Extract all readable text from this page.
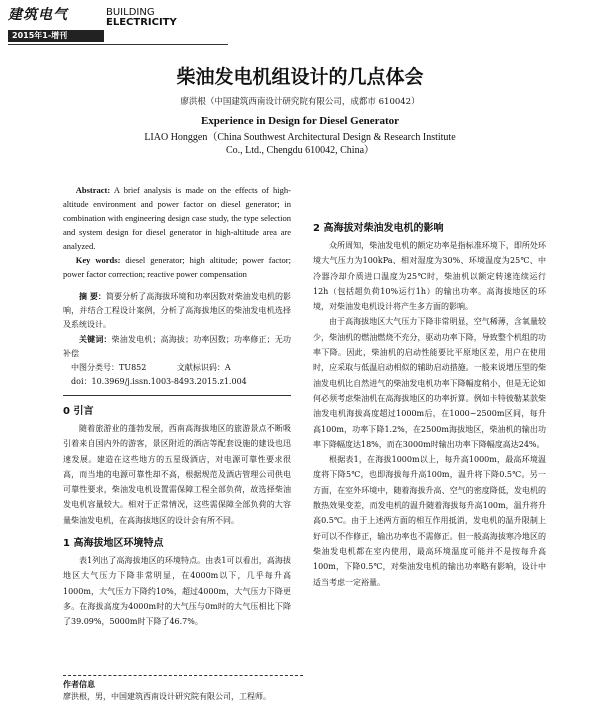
建筑电气	BUILDING
ELECTRICITY
2015年1-增刊
柴油发电机组设计的几点体会
廖洪根（中国建筑西南设计研究院有限公司，成都市 610042）
Experience in Design for Diesel Generator
LIAO Honggen（China Southwest Architectural Design & Research Institute
Co., Ltd., Chengdu 610042, China）

Abstract: A brief analysis is made on the effects of high-altitude environment and power factor on diesel generator; in combination with engineering design case study, the type selection and system design for diesel generator in high-altitude area are analyzed.

Key words: diesel generator; high altitude; power factor; power factor correction; reactive power compensation

摘 要：简要分析了高海拔环境和功率因数对柴油发电机的影响，并结合工程设计案例，分析了高海拔地区的柴油发电机选择及系统设计。

关键词：柴油发电机；高海拔；功率因数；功率修正；无功补偿

中图分类号：TU852	文献标识码：A

doi：10.3969/j.issn.1003-8493.2015.z1.004

0 引言

随着旅游业的蓬勃发展，西南高海拔地区的旅游景点不断吸引着来自国内外的游客，景区附近的酒店等配套设施的建设也迅速发展。建造在这些地方的五星级酒店，对电源可靠性要求很高，而当地的电源可靠性却不高，根据规范及酒店管理公司供电可靠性要求，柴油发电机设置需保障工程全部负荷，故选择柴油发电机容量较大。相对于正常情况，这些需保障全部负荷的大容量柴油发电机，在高海拔地区的设计会有所不同。

1 高海拔地区环境特点

表1列出了高海拔地区的环境特点。由表1可以看出，高海拔地区大气压力下降非常明显，在4000m以下，几乎每升高1000m，大气压力下降约10%，超过4000m，大气压力下降更多。在海拔高度为4000m时的大气压与0m时的大气压相比下降了39.09%，5000m时下降了46.7%。

2 高海拔对柴油发电机的影响

众所周知，柴油发电机的额定功率是指标准环境下，即所处环境大气压力为100kPa、相对湿度为30%、环境温度为25℃、中冷器冷却介质进口温度为25℃时，柴油机以额定转速连续运行12h（包括超负荷10%运行1h）的输出功率。高海拔地区的环境，对柴油发电机设计将产生多方面的影响。

由于高海拔地区大气压力下降非常明显，空气稀薄，含氧量较少，柴油机的燃油燃烧不充分，驱动功率下降，导致整个机组的功率下降。因此，柴油机的启动性能要比平原地区差，用户在使用时，应采取与低温启动相似的辅助启动措施。一般来说增压型的柴油发电机比自然进气的柴油发电机功率下降幅度稍小，但是无论如何必须考虑柴油机在高海拔地区的功率折算。例如卡特彼勒某款柴油发电机海拔高度超过1000m后，在1000~2500m区间，每升高100m，功率下降1.2%，在2500m海拔地区，柴油机的输出功率下降幅度达18%，而在3000m时输出功率下降幅度高达24%。

根据表1，在海拔1000m以上，每升高1000m，最高环境温度将下降5℃，也即海拔每升高100m，温升将下降0.5℃。另一方面，在室外环境中，随着海拔升高、空气的密度降低，发电机的散热效果变差，而发电机的温升随着海拔每升高100m，温升将升高0.5℃。由于上述两方面的相互作用抵消，发电机的温升限制上好可以不作修正，输出功率也不需修正。但一般高海拔寒冷地区的柴油发电机都在室内使用，最高环境温度可能并不是按每升高100m，下降0.5℃，对柴油发电机的输出功率略有影响，设计中适当考虑一定裕量。

作者信息
廖洪根，男，中国建筑西南设计研究院有限公司，工程师。
